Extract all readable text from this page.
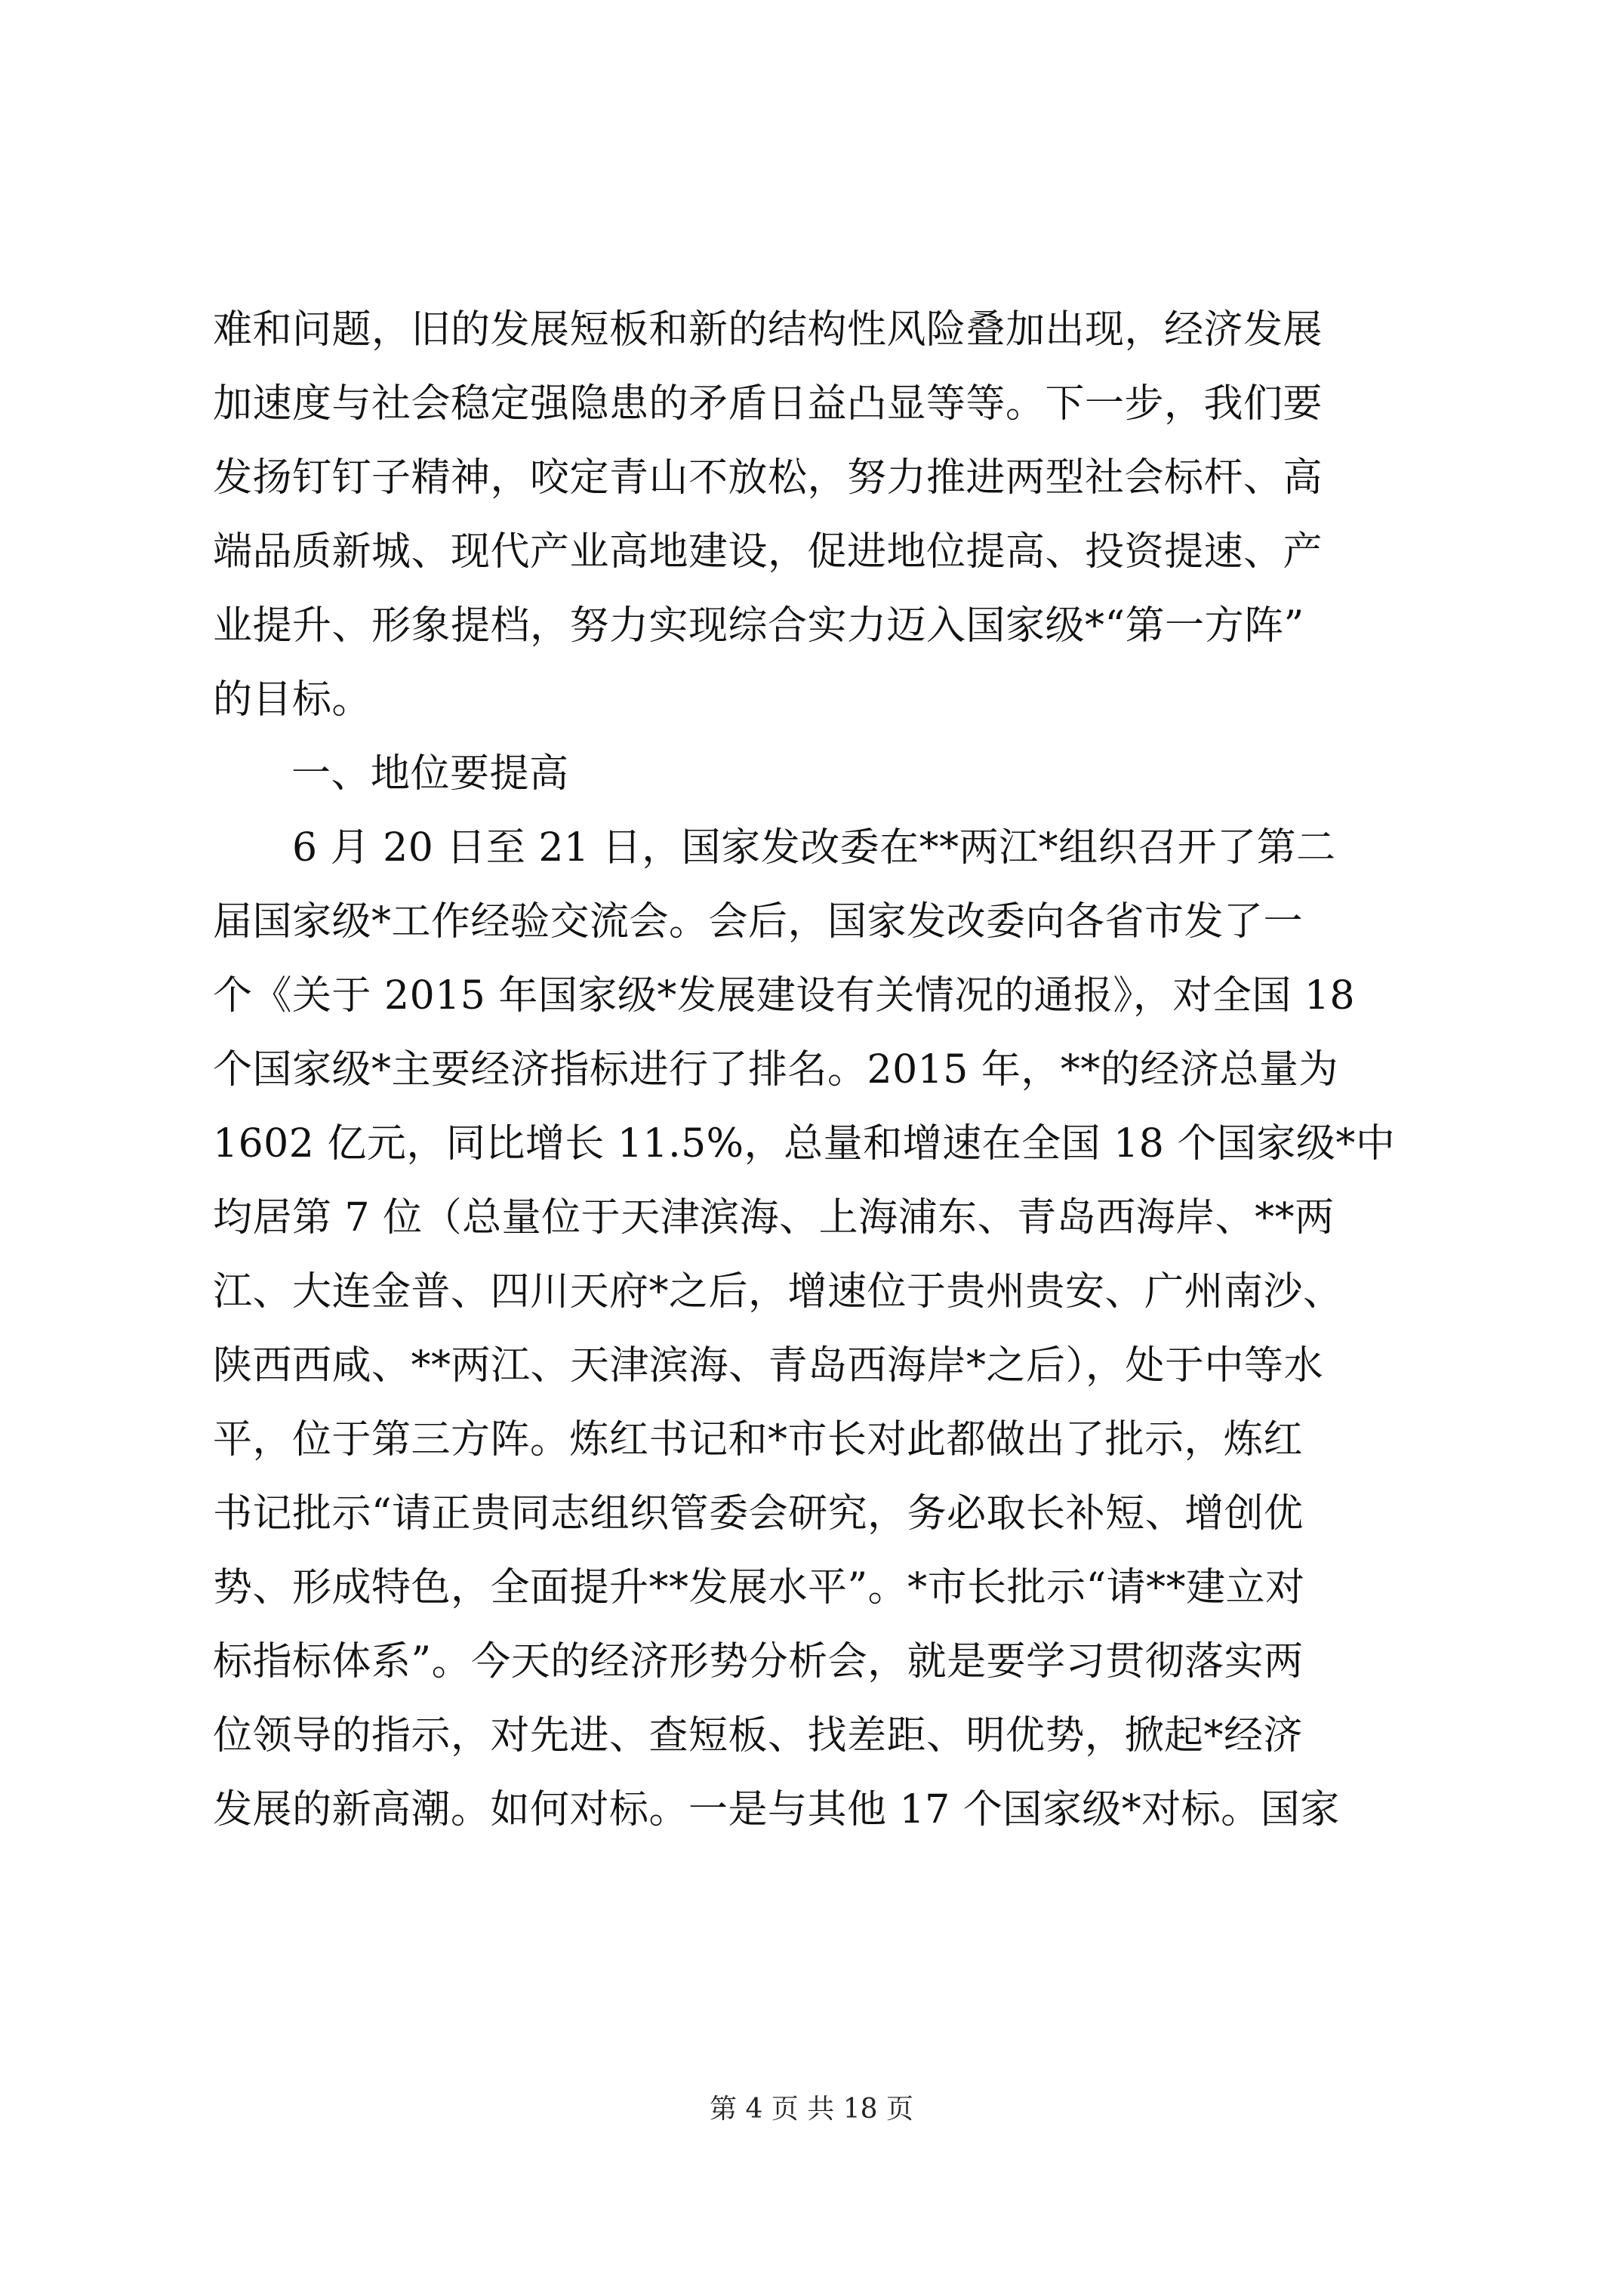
难和问题，旧的发展短板和新的结构性风险叠加出现，经济发展
加速度与社会稳定强隐患的矛盾日益凸显等等。下一步，我们要
发扬钉钉子精神，咬定青山不放松，努力推进两型社会标杆、高
端品质新城、现代产业高地建设，促进地位提高、投资提速、产
业提升、形象提档，努力实现综合实力迈入国家级*“第一方阵”
的目标。
一、地位要提高
　　6 月 20 日至 21 日，国家发改委在**两江*组织召开了第二
届国家级*工作经验交流会。会后，国家发改委向各省市发了一
个《关于 2015 年国家级*发展建设有关情况的通报》，对全国 18
个国家级*主要经济指标进行了排名。2015 年，**的经济总量为
1602 亿元，同比增长 11.5%，总量和增速在全国 18 个国家级*中
均居第 7 位（总量位于天津滨海、上海浦东、青岛西海岸、**两
江、大连金普、四川天府*之后，增速位于贵州贵安、广州南沙、
陕西西咸、**两江、天津滨海、青岛西海岸*之后），处于中等水
平，位于第三方阵。炼红书记和*市长对此都做出了批示，炼红
书记批示“请正贵同志组织管委会研究，务必取长补短、增创优
势、形成特色，全面提升**发展水平”。*市长批示“请**建立对
标指标体系”。今天的经济形势分析会，就是要学习贯彻落实两
位领导的指示，对先进、查短板、找差距、明优势，掀起*经济
发展的新高潮。如何对标。一是与其他 17 个国家级*对标。国家
第 4 页 共 18 页
